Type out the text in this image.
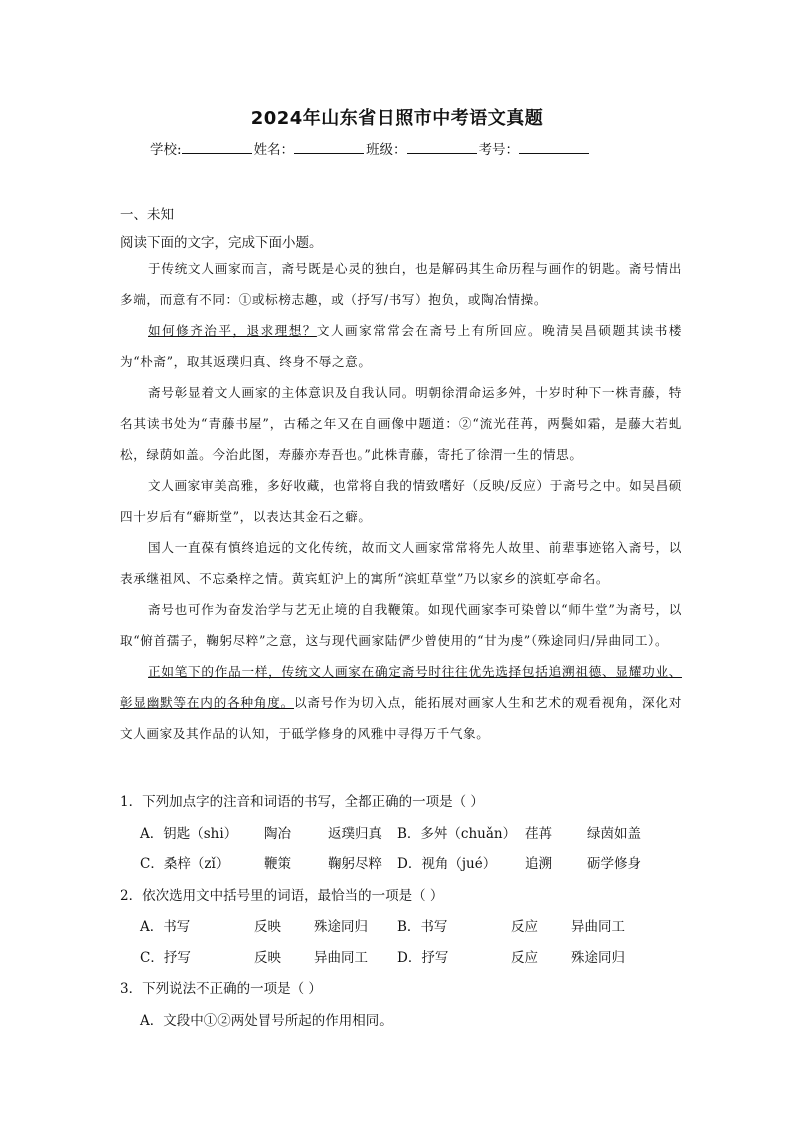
2024年山东省日照市中考语文真题
学校:	姓名：	班级：	考号：
一、未知
阅读下面的文字，完成下面小题。

于传统文人画家而言，斋号既是心灵的独白，也是解码其生命历程与画作的钥匙。斋号情出多端，而意有不同：①或标榜志趣，或（抒写/书写）抱负，或陶冶情操。

如何修齐治平，退求理想？文人画家常常会在斋号上有所回应。晚清吴昌硕题其读书楼为“朴斋”，取其返璞归真、终身不辱之意。

斋号彰显着文人画家的主体意识及自我认同。明朝徐渭命运多舛，十岁时种下一株青藤，特名其读书处为“青藤书屋”，古稀之年又在自画像中题道：②“流光荏苒，两鬓如霜，是藤大若虬松，绿荫如盖。今治此图，寿藤亦寿吾也。”此株青藤，寄托了徐渭一生的情思。

文人画家审美高雅，多好收藏，也常将自我的情致嗜好（反映/反应）于斋号之中。如吴昌硕四十岁后有“癖斯堂”，以表达其金石之癖。

国人一直葆有慎终追远的文化传统，故而文人画家常常将先人故里、前辈事迹铭入斋号，以表承继祖风、不忘桑梓之情。黄宾虹沪上的寓所“滨虹草堂”乃以家乡的滨虹亭命名。

斋号也可作为奋发治学与艺无止境的自我鞭策。如现代画家李可染曾以“师牛堂”为斋号，以取“俯首孺子，鞠躬尽粹”之意，这与现代画家陆俨少曾使用的“甘为虔”（殊途同归/异曲同工）。

正如笔下的作品一样，传统文人画家在确定斋号时往往优先选择包括追溯祖德、显耀功业、彰显幽默等在内的各种角度。以斋号作为切入点，能拓展对画家人生和艺术的观看视角，深化对文人画家及其作品的认知，于砥学修身的风雅中寻得万千气象。

1．下列加点字的注音和词语的书写，全都正确的一项是（ ）
A．钥匙（shi） 陶冶	返璞归真 B．多舛（chuǎn） 荏苒	绿茵如盖
C．桑梓（zǐ）	鞭策	鞠躬尽粹 D．视角（jué） 追溯	砺学修身
2．依次选用文中括号里的词语，最恰当的一项是（ ）
A．书写	反映 殊途同归 B．书写	反应 异曲同工
C．抒写	反映 异曲同工 D．抒写	反应 殊途同归
3．下列说法不正确的一项是（ ）
A．文段中①②两处冒号所起的作用相同。
